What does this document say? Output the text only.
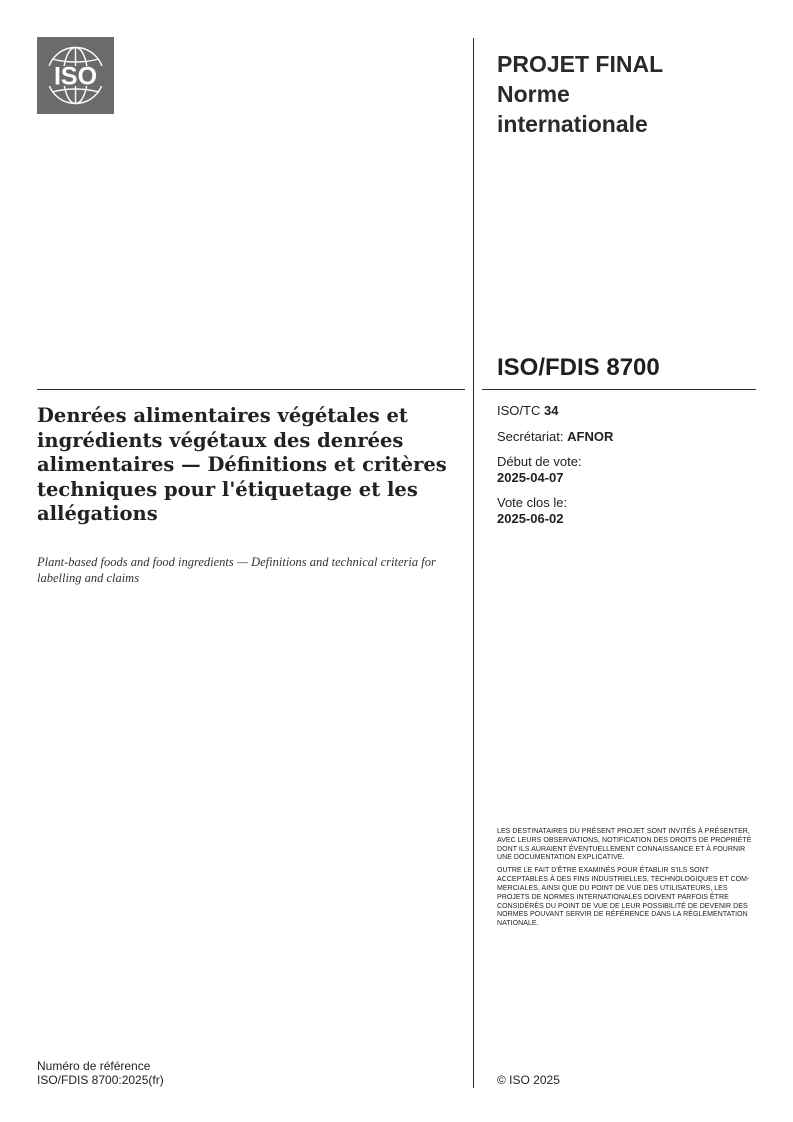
ISO	PROJET FINAL
Norme
internationale
ISO/FDIS 8700
Denrées alimentaires végétales et ingrédients végétaux des denrées alimentaires — Définitions et critères techniques pour l'étiquetage et les allégations
Plant-based foods and food ingredients — Definitions and technical criteria for labelling and claims
ISO/TC 34
Secrétariat: AFNOR
Début de vote:
2025-04-07
Vote clos le:
2025-06-02

LES DESTINATAIRES DU PRÉSENT PROJET SONT INVITÉS À PRÉSENTER, AVEC LEURS OBSERVATIONS, NOTIFICATION DES DROITS DE PROPRIÉTÉ DONT ILS AURAIENT ÉVENTUELLEMENT CONNAISSANCE ET À FOURNIR UNE DOCUMENTATION EXPLICATIVE.

OUTRE LE FAIT D'ÊTRE EXAMINÉS POUR ÉTABLIR S'ILS SONT ACCEPTABLES À DES FINS INDUSTRIELLES, TECHNOLOGIQUES ET COM-MERCIALES, AINSI QUE DU POINT DE VUE DES UTILISATEURS, LES PROJETS DE NORMES INTERNATIONALES DOIVENT PARFOIS ÊTRE CONSIDÉRÉS DU POINT DE VUE DE LEUR POSSIBILITÉ DE DEVENIR DES NORMES POUVANT SERVIR DE RÉFÉRENCE DANS LA RÉGLEMENTATION NATIONALE.

Numéro de référence
ISO/FDIS 8700:2025(fr)	© ISO 2025
